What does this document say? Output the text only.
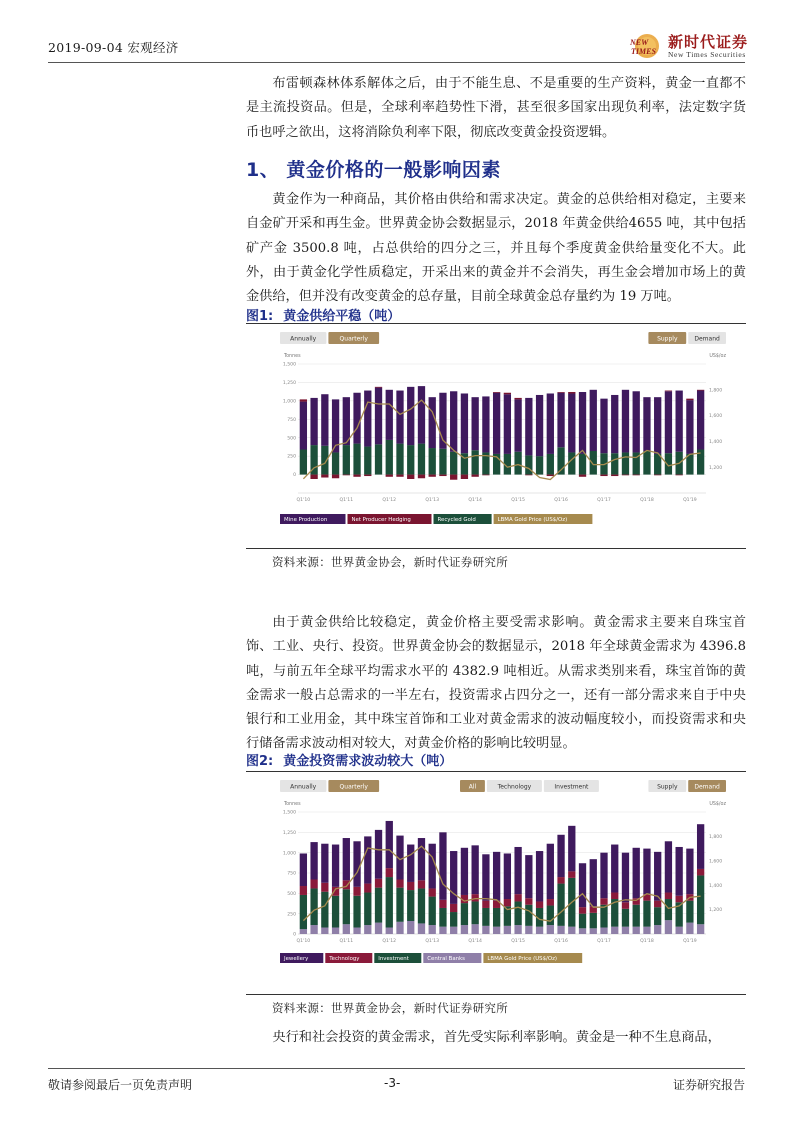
2019-09-04 宏观经济	NEW
TIMES
新时代证券
New Times Securities

布雷顿森林体系解体之后，由于不能生息、不是重要的生产资料，黄金一直都不是主流投资品。但是，全球利率趋势性下滑，甚至很多国家出现负利率，法定数字货币也呼之欲出，这将消除负利率下限，彻底改变黄金投资逻辑。

1、 黄金价格的一般影响因素

黄金作为一种商品，其价格由供给和需求决定。黄金的总供给相对稳定，主要来自金矿开采和再生金。世界黄金协会数据显示，2018 年黄金供给4655 吨，其中包括矿产金 3500.8 吨，占总供给的四分之三，并且每个季度黄金供给量变化不大。此外，由于黄金化学性质稳定，开采出来的黄金并不会消失，再生金会增加市场上的黄金供给，但并没有改变黄金的总存量，目前全球黄金总存量约为 19 万吨。

图1: 黄金供给平稳（吨）
Annually	Quarterly	Demand
Supply
Tonnes	US$/oz
0
250
500
750
1,000
1,250
1,500
1,200
1,400
1,600
1,800
Q1'10	Q1'11	Q1'12	Q1'13	Q1'14	Q1'15	Q1'16	Q1'17	Q1'18	Q1'19
Mine Production	Net Producer Hedging	Recycled Gold	LBMA Gold Price (US$/Oz)
资料来源：世界黄金协会，新时代证券研究所

由于黄金供给比较稳定，黄金价格主要受需求影响。黄金需求主要来自珠宝首饰、工业、央行、投资。世界黄金协会的数据显示，2018 年全球黄金需求为 4396.8 吨，与前五年全球平均需求水平的 4382.9 吨相近。从需求类别来看，珠宝首饰的黄金需求一般占总需求的一半左右，投资需求占四分之一，还有一部分需求来自于中央银行和工业用金，其中珠宝首饰和工业对黄金需求的波动幅度较小，而投资需求和央行储备需求波动相对较大，对黄金价格的影响比较明显。

图2: 黄金投资需求波动较大（吨）
Annually	Quarterly	All	Technology	Investment	Demand
Supply
Tonnes	US$/oz
0
250
500
750
1,000
1,250
1,500
1,200
1,400
1,600
1,800
Q1'10	Q1'11	Q1'12	Q1'13	Q1'14	Q1'15	Q1'16	Q1'17	Q1'18	Q1'19
Jewellery	Technology	Investment	Central Banks	LBMA Gold Price (US$/Oz)
资料来源：世界黄金协会，新时代证券研究所

央行和社会投资的黄金需求，首先受实际利率影响。黄金是一种不生息商品，

敬请参阅最后一页免责声明	-3-	证券研究报告
